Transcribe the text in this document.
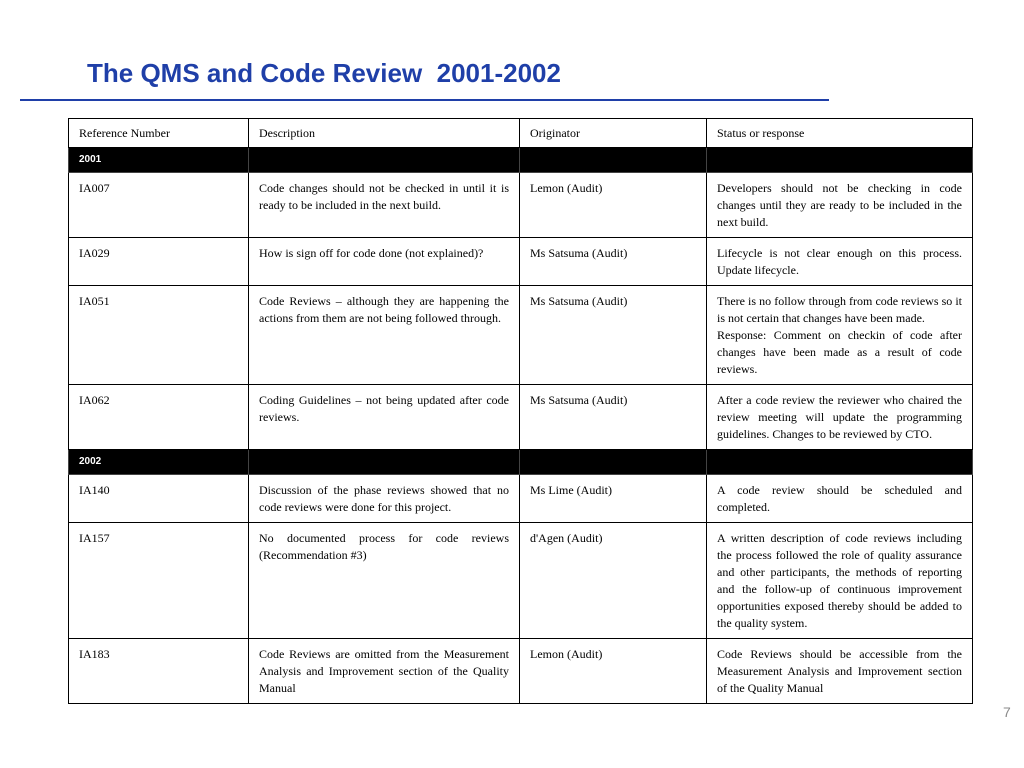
The QMS and Code Review  2001-2002
Reference Number	Description	Originator	Status or response
2001			
IA007	Code changes should not be checked in until it is ready to be included in the next build.	Lemon (Audit)	Developers should not be checking in code changes until they are ready to be included in the next build.
IA029	How is sign off for code done (not explained)?	Ms Satsuma (Audit)	Lifecycle is not clear enough on this process. Update lifecycle.
IA051	Code Reviews – although they are happening the actions from them are not being followed through.	Ms Satsuma (Audit)	There is no follow through from code reviews so it is not certain that changes have been made.
Response: Comment on checkin of code after changes have been made as a result of code reviews.

IA062	Coding Guidelines – not being updated after code reviews.	Ms Satsuma (Audit)	After a code review the reviewer who chaired the review meeting will update the programming guidelines. Changes to be reviewed by CTO.
2002			
IA140	Discussion of the phase reviews showed that no code reviews were done for this project.	Ms Lime (Audit)	A code review should be scheduled and completed.
IA157	No documented process for code reviews (Recommendation #3)	d'Agen (Audit)	A written description of code reviews including the process followed the role of quality assurance and other participants, the methods of reporting and the follow-up of continuous improvement opportunities exposed thereby should be added to the quality system.
IA183	Code Reviews are omitted from the Measurement Analysis and Improvement section of the Quality Manual	Lemon (Audit)	Code Reviews should be accessible from the Measurement Analysis and Improvement section of the Quality Manual
7
